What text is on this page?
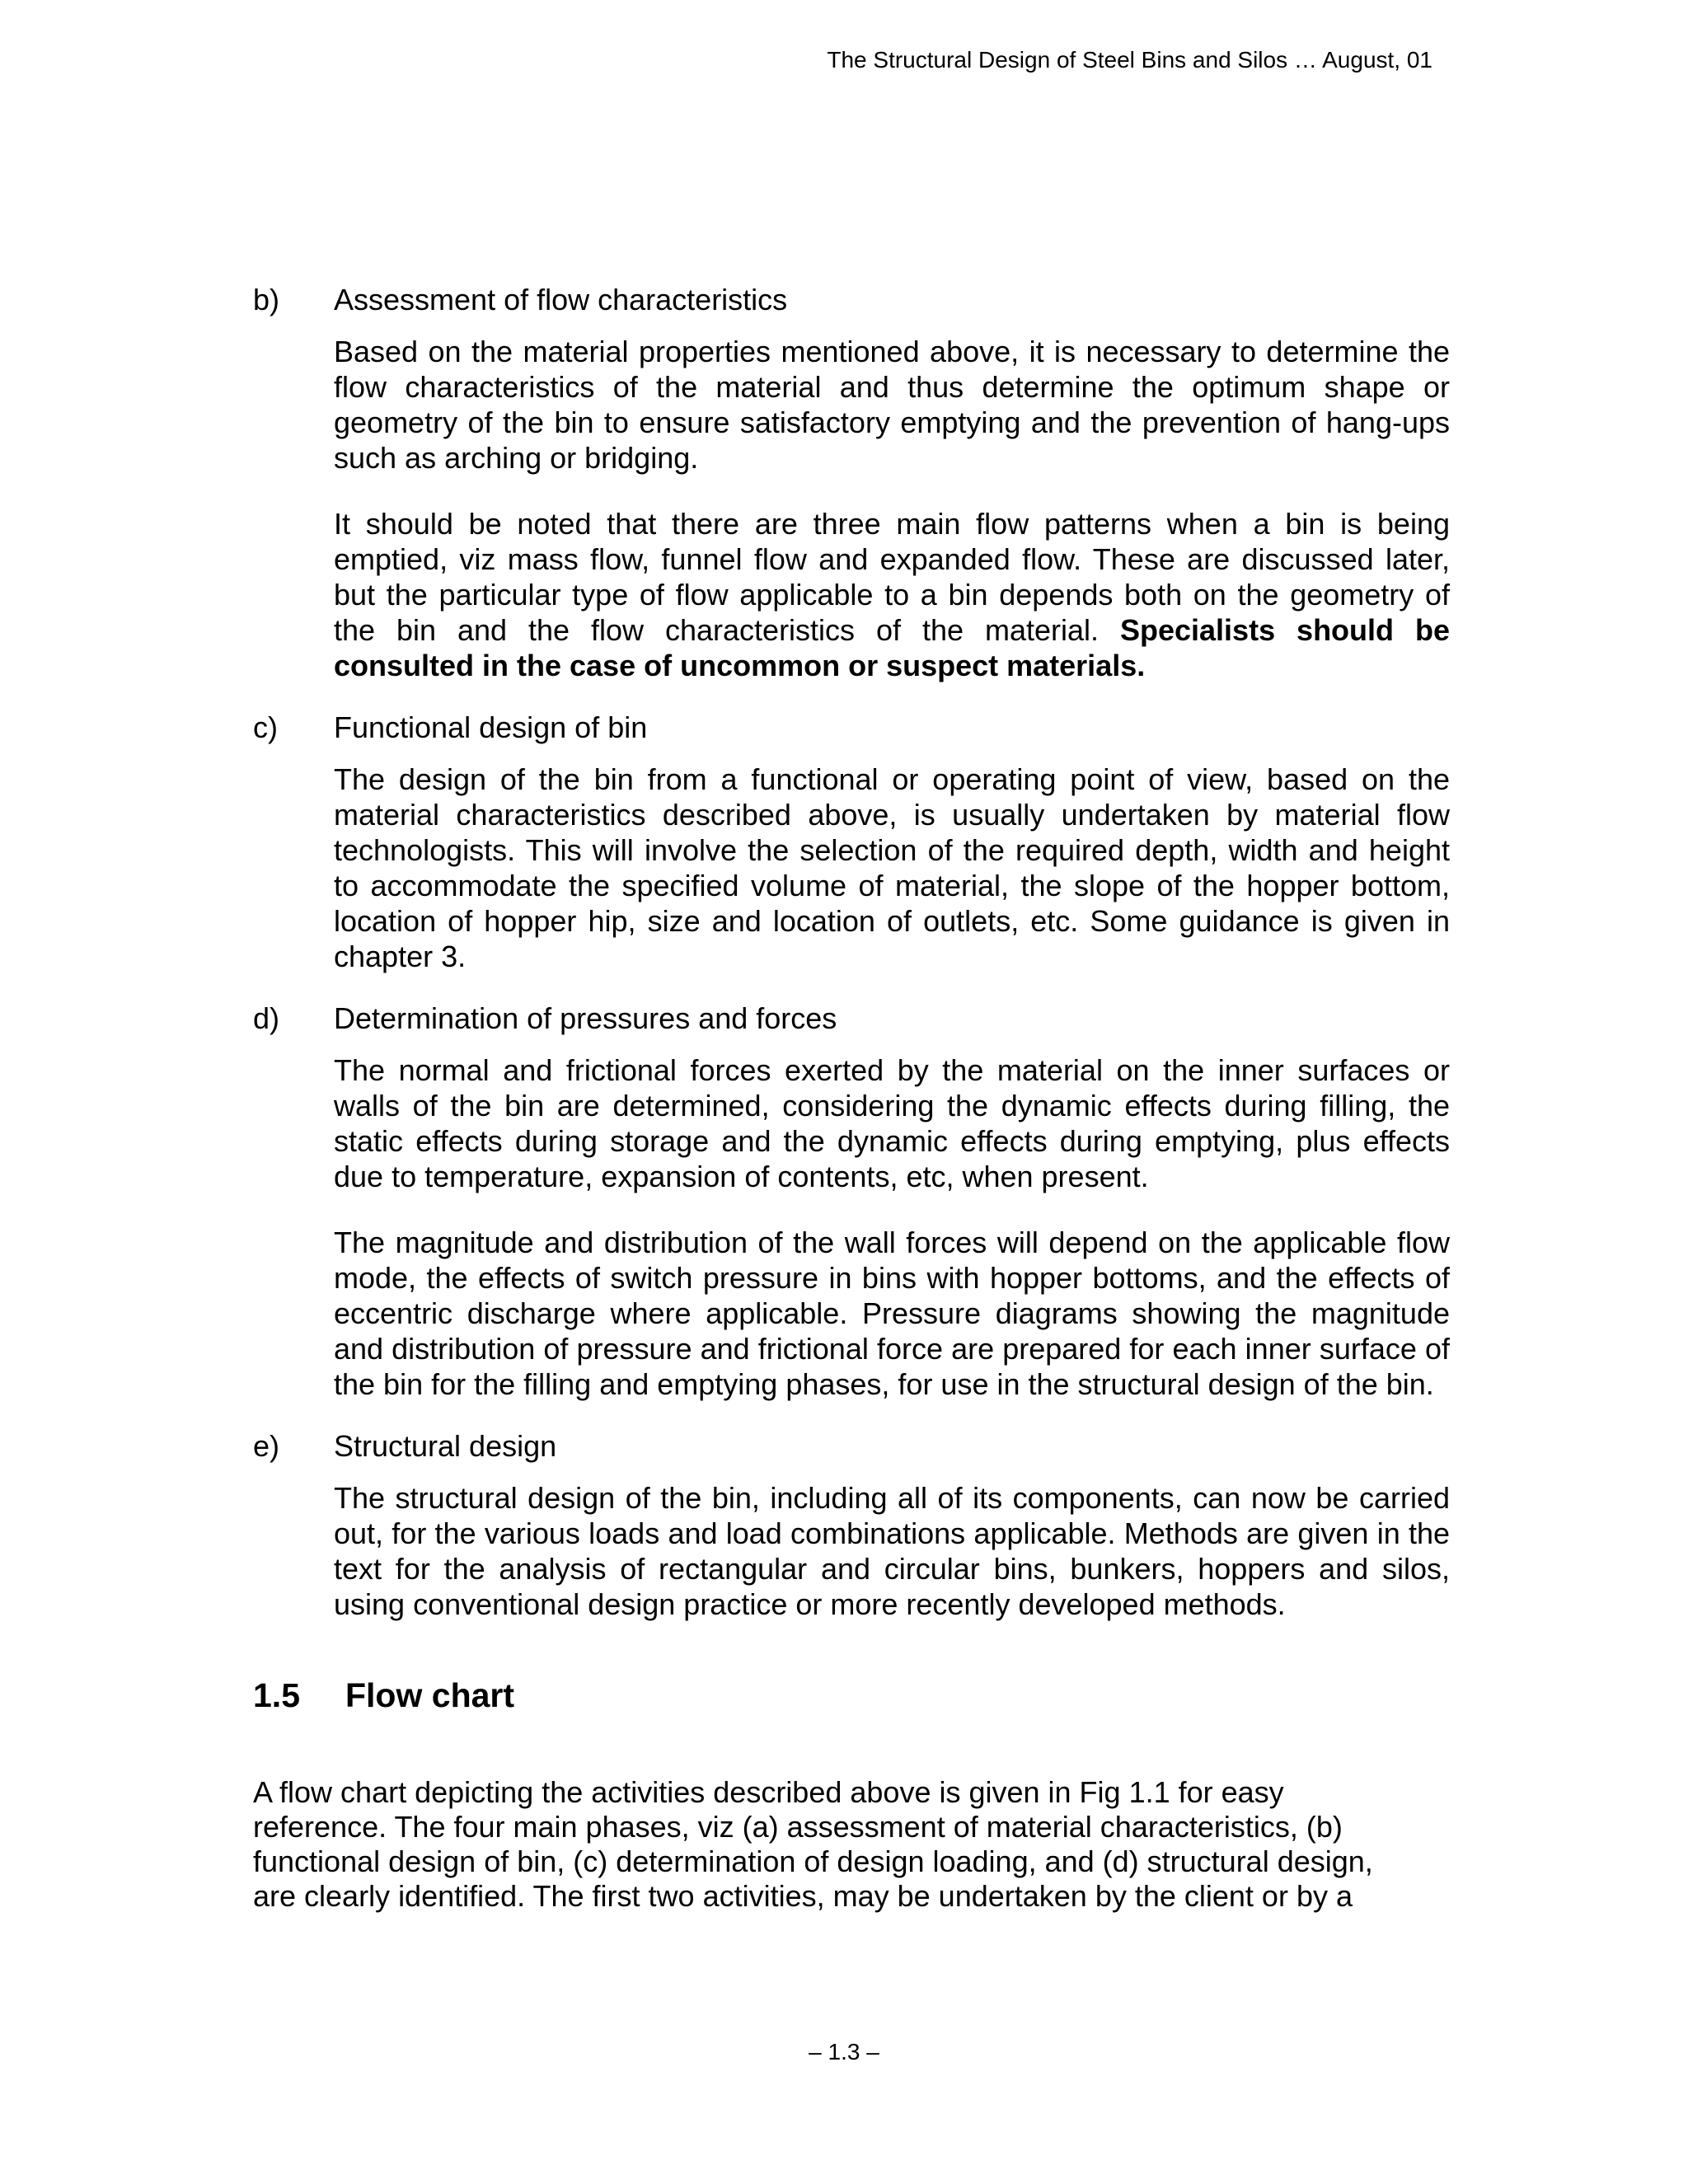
The Structural Design of Steel Bins and Silos … August, 01
b) Assessment of flow characteristics

Based on the material properties mentioned above, it is necessary to determine the flow characteristics of the material and thus determine the optimum shape or geometry of the bin to ensure satisfactory emptying and the prevention of hang-ups such as arching or bridging.

It should be noted that there are three main flow patterns when a bin is being emptied, viz mass flow, funnel flow and expanded flow. These are discussed later, but the particular type of flow applicable to a bin depends both on the geometry of the bin and the flow characteristics of the material. Specialists should be consulted in the case of uncommon or suspect materials.

c) Functional design of bin

The design of the bin from a functional or operating point of view, based on the material characteristics described above, is usually undertaken by material flow technologists. This will involve the selection of the required depth, width and height to accommodate the specified volume of material, the slope of the hopper bottom, location of hopper hip, size and location of outlets, etc. Some guidance is given in chapter 3.

d) Determination of pressures and forces

The normal and frictional forces exerted by the material on the inner surfaces or walls of the bin are determined, considering the dynamic effects during filling, the static effects during storage and the dynamic effects during emptying, plus effects due to temperature, expansion of contents, etc, when present.

The magnitude and distribution of the wall forces will depend on the applicable flow mode, the effects of switch pressure in bins with hopper bottoms, and the effects of eccentric discharge where applicable. Pressure diagrams showing the magnitude and distribution of pressure and frictional force are prepared for each inner surface of the bin for the filling and emptying phases, for use in the structural design of the bin.

e) Structural design

The structural design of the bin, including all of its components, can now be carried out, for the various loads and load combinations applicable. Methods are given in the text for the analysis of rectangular and circular bins, bunkers, hoppers and silos, using conventional design practice or more recently developed methods.

1.5	Flow chart

A flow chart depicting the activities described above is given in Fig 1.1 for easy reference. The four main phases, viz (a) assessment of material characteristics, (b) functional design of bin, (c) determination of design loading, and (d) structural design, are clearly identified. The first two activities, may be undertaken by the client or by a

– 1.3 –
